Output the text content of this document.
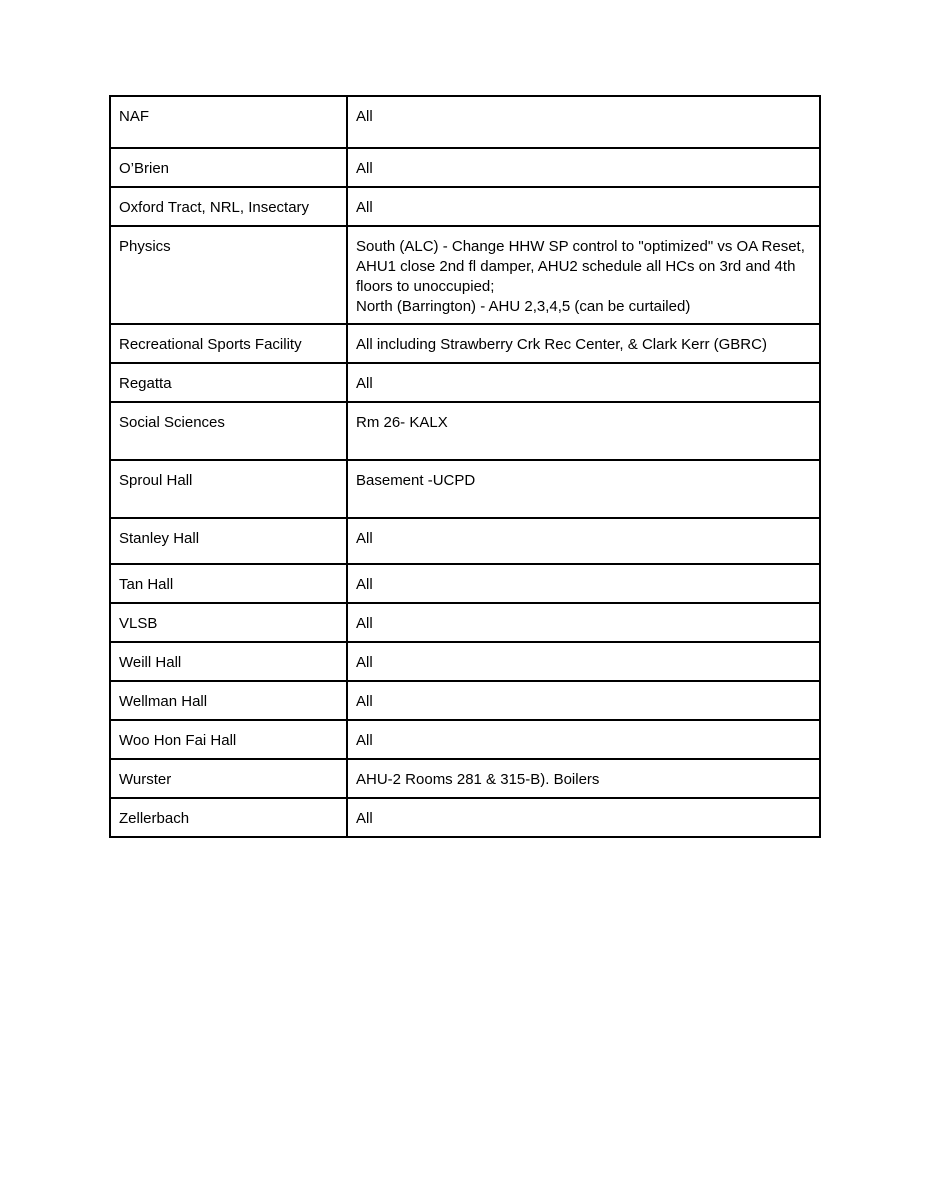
NAF	All
O’Brien	All
Oxford Tract, NRL, Insectary	All
Physics	South (ALC) - Change HHW SP control to "optimized" vs OA Reset, AHU1 close 2nd fl damper, AHU2 schedule all HCs on 3rd and 4th floors to unoccupied;
North (Barrington) - AHU 2,3,4,5 (can be curtailed)
Recreational Sports Facility	All including Strawberry Crk Rec Center, & Clark Kerr (GBRC)
Regatta	All
Social Sciences	Rm 26- KALX
Sproul Hall	Basement -UCPD
Stanley Hall	All
Tan Hall	All
VLSB	All
Weill Hall	All
Wellman Hall	All
Woo Hon Fai Hall	All
Wurster	AHU-2 Rooms 281 & 315-B). Boilers
Zellerbach	All
